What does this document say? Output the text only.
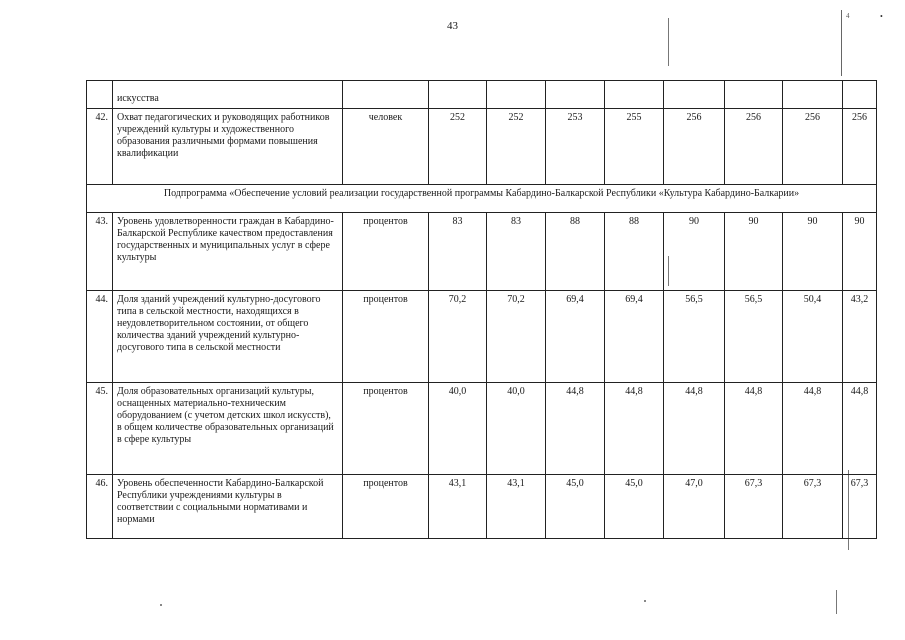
43
4	•
	искусства									
42.	Охват педагогических и руководящих работников учреждений культуры и художественного образования различными формами повышения квалификации	человек	252	252	253	255	256	256	256	256
Подпрограмма «Обеспечение условий реализации государственной программы Кабардино-Балкарской Республики «Культура Кабардино-Балкарии»										
43.	Уровень удовлетворенности граждан в Кабардино-Балкарской Республике качеством предоставления государственных и муниципальных услуг в сфере культуры	процентов	83	83	88	88	90	90	90	90
44.	Доля зданий учреждений культурно-досугового типа в сельской местности, находящихся в неудовлетворительном состоянии, от общего количества зданий учреждений культурно-досугового типа в сельской местности	процентов	70,2	70,2	69,4	69,4	56,5	56,5	50,4	43,2
45.	Доля образовательных организаций культуры, оснащенных материально-техническим оборудованием (с учетом детских школ искусств), в общем количестве образовательных организаций в сфере культуры	процентов	40,0	40,0	44,8	44,8	44,8	44,8	44,8	44,8
46.	Уровень обеспеченности Кабардино-Балкарской Республики учреждениями культуры в соответствии с социальными нормативами и нормами	процентов	43,1	43,1	45,0	45,0	47,0	67,3	67,3	67,3
